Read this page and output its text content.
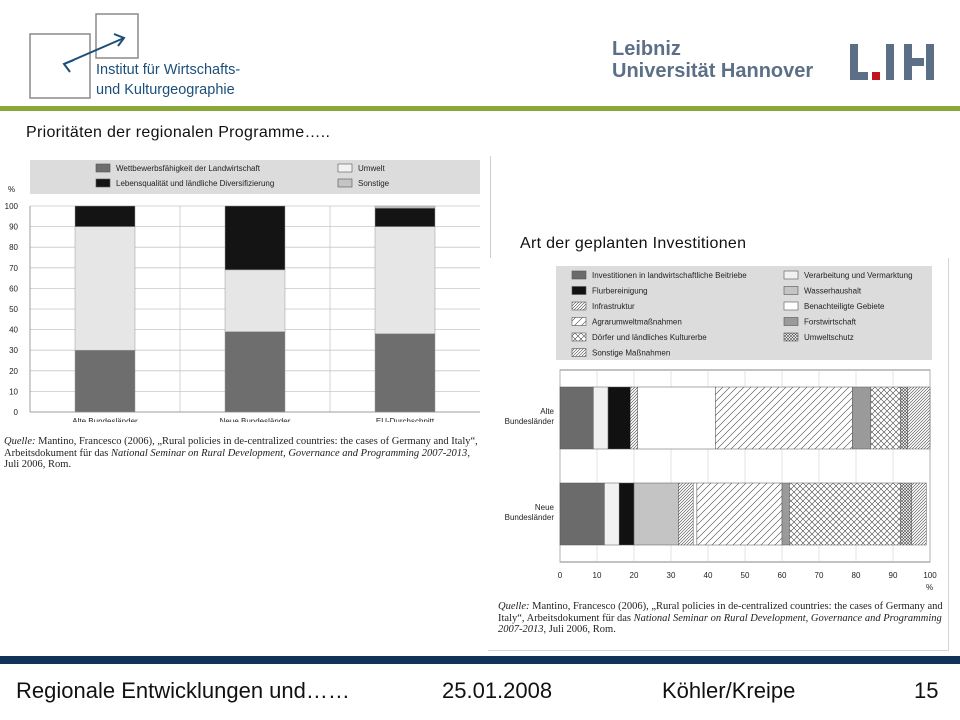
Institut für Wirtschafts-
und Kulturgeographie
Leibniz
Universität Hannover
Prioritäten der regionalen Programme…..
Art der geplanten Investitionen
Wettbewerbsfähigkeit der Landwirtschaft
Lebensqualität und ländliche Diversifizierung
Umwelt
Sonstige
%
0
10
20
30
40
50
60
70
80
90
100
Alte Bundesländer	Neue Bundesländer	EU-Durchschnitt
Quelle: Mantino, Francesco (2006), „Rural policies in de-centralized countries: the cases of Germany and Italy“, Arbeitsdokument für das National Seminar on Rural Development, Governance and Programming 2007-2013, Juli 2006, Rom.
Investitionen in landwirtschaftliche Beitriebe	Verarbeitung und Vermarktung
Flurbereinigung	Wasserhaushalt
Infrastruktur	Benachteiligte Gebiete
Agrarumweltmaßnahmen	Forstwirtschaft
Dörfer und ländliches Kulturerbe	Umweltschutz
Sonstige Maßnahmen
0	10	20	30	40	50	60	70	80	90	100
%
Alte
Bundesländer
Neue
Bundesländer
Quelle: Mantino, Francesco (2006), „Rural policies in de-centralized countries: the cases of Germany and Italy“, Arbeitsdokument für das National Seminar on Rural Development, Governance and Programming 2007-2013, Juli 2006, Rom.
Regionale Entwicklungen und……	25.01.2008	Köhler/Kreipe	15
